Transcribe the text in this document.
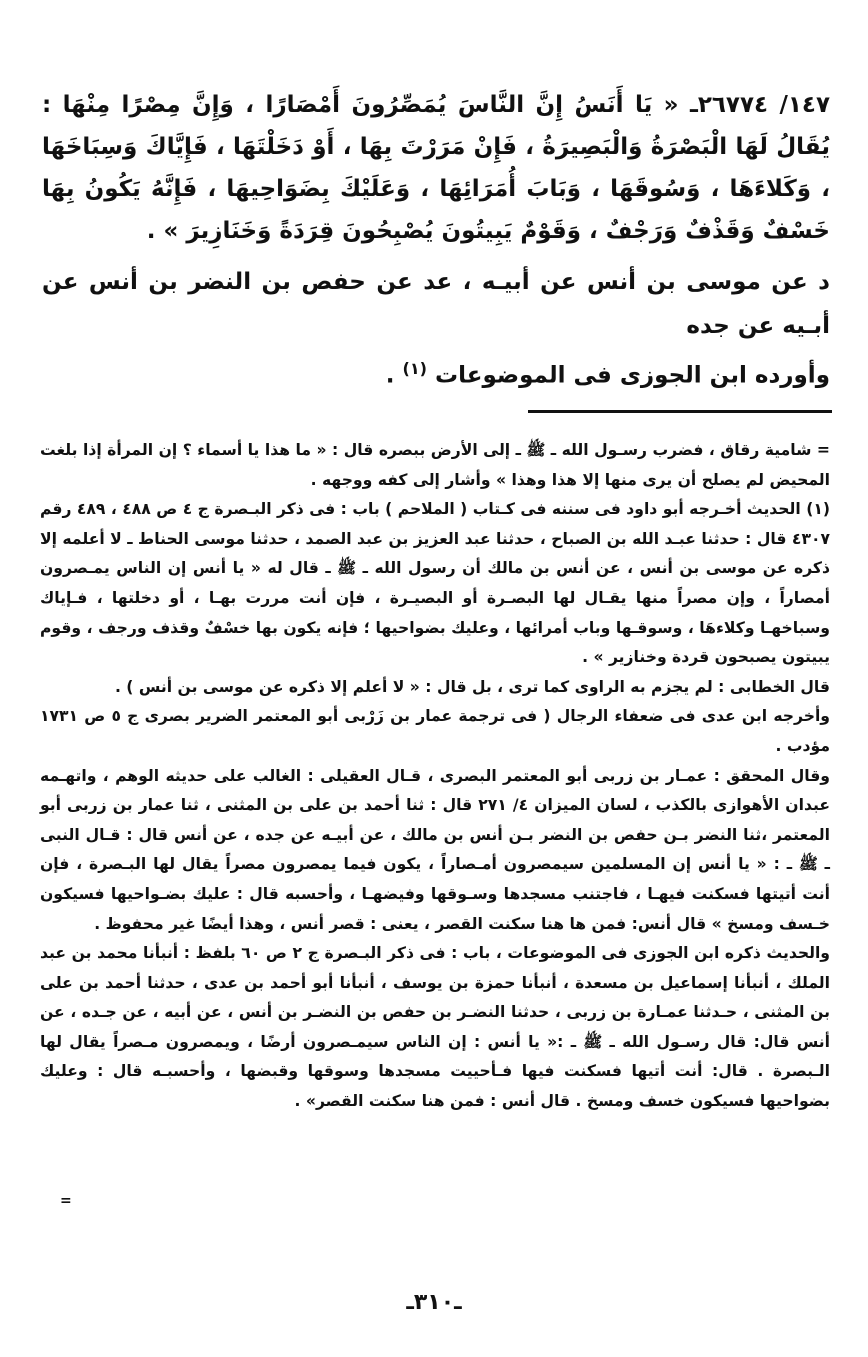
١٤٧/ ٢٦٧٧٤ـ « يَا أَنَسُ إِنَّ النَّاسَ يُمَصِّرُونَ أَمْصَارًا ، وَإِنَّ مِصْرًا مِنْهَا : يُقَالُ لَهَا الْبَصْرَةُ وَالْبَصِيرَةُ ، فَإِنْ مَرَرْتَ بِهَا ، أَوْ دَخَلْتَهَا ، فَإِيَّاكَ وَسِبَاخَهَا ، وَكَلاءَهَا ، وَسُوقَهَا ، وَبَابَ أُمَرَائِهَا ، وَعَلَيْكَ بِضَوَاحِيهَا ، فَإِنَّهُ يَكُونُ بِهَا خَسْفٌ وَقَذْفٌ وَرَجْفٌ ، وَقَوْمٌ يَبِيتُونَ يُصْبِحُونَ قِرَدَةً وَخَنَازِيرَ » .

د عن موسى بن أنس عن أبيـه ، عد عن حفص بن النضر بن أنس عن أبـيه عن جده

وأورده ابن الجوزى فى الموضوعات $^{(١)}$ .

= شامية رقاق ، فضرب رسـول الله ـ ﷺ ـ إلى الأرض ببصره قال : « ما هذا يا أسماء ؟ إن المرأة إذا بلغت المحيض لم يصلح أن يرى منها إلا هذا وهذا » وأشار إلى كفه ووجهه .

(١) الحديث أخـرجه أبو داود فى سننه فى كـتاب ( الملاحم ) باب : فى ذكر البـصرة ج ٤ ص ٤٨٨ ، ٤٨٩ رقم ٤٣٠٧ قال : حدثنا عبـد الله بن الصباح ، حدثنا عبد العزيز بن عبد الصمد ، حدثنا موسى الحناط ـ لا أعلمه إلا ذكره عن موسى بن أنس ، عن أنس بن مالك أن رسول الله ـ ﷺ ـ قال له « يا أنس إن الناس يمـصرون أمصاراً ، وإن مصراً منها يقـال لها البصـرة أو البصيـرة ، فإن أنت مررت بهـا ، أو دخلتها ، فـإياك وسباخهـا وكلاءهَا ، وسوقـها وباب أمرائها ، وعليك بضواحيها ؛ فإنه يكون بها خسْفٌ وقذف ورجف ، وقوم يبيتون يصبحون قردة وخنازير » .

قال الخطابى : لم يجزم به الراوى كما ترى ، بل قال : « لا أعلم إلا ذكره عن موسى بن أنس ) .

وأخرجه ابن عدى فى ضعفاء الرجال ( فى ترجمة عمار بن زَرْبى أبو المعتمر الضرير بصرى ج ٥ ص ١٧٣١ مؤدب .

وقال المحقق : عمـار بن زربى أبو المعتمر البصرى ، قـال العقيلى : الغالب على حديثه الوهم ، واتهـمه عبدان الأهوازى بالكذب ، لسان الميزان ٤/ ٢٧١ قال : ثنا أحمد بن على بن المثنى ، ثنا عمار بن زربى أبو المعتمر ،ثنا النضر بـن حفص بن النضر بـن أنس بن مالك ، عن أبيـه عن جده ، عن أنس قال : قـال النبى ـ ﷺ ـ : « يا أنس إن المسلمين سيمصرون أمـصاراً ، يكون فيما يمصرون مصراً يقال لها البـصرة ، فإن أنت أتيتها فسكنت فيهـا ، فاجتنب مسجدها وسـوقها وفيضهـا ، وأحسبه قال : عليك بضـواحيها فسيكون خـسف ومسخ » قال أنس: فمن ها هنا سكنت القصر ، يعنى : قصر أنس ، وهذا أيضًا غير محفوظ .

والحديث ذكره ابن الجوزى فى الموضوعات ، باب : فى ذكر البـصرة ج ٢ ص ٦٠ بلفظ : أنبأنا محمد بن عبد الملك ، أنبأنا إسماعيل بن مسعدة ، أنبأنا حمزة بن يوسف ، أنبأنا أبو أحمد بن عدى ، حدثنا أحمد بن على بن المثنى ، حـدثنا عمـارة بن زربى ، حدثنا النضـر بن حفص بن النضـر بن أنس ، عن أبيه ، عن جـده ، عن أنس قال: قال رسـول الله ـ ﷺ ـ :« يا أنس : إن الناس سيمـصرون أرضًا ، ويمصرون مـصراً يقال لها الـبصرة . قال: أنت أتيها فسكنت فيها فـأحييت مسجدها وسوقها وقبضها ، وأحسبـه قال : وعليك بضواحيها فسيكون خسف ومسخ . قال أنس : فمن هنا سكنت القصر» .

=
ـ٣١٠ـ
